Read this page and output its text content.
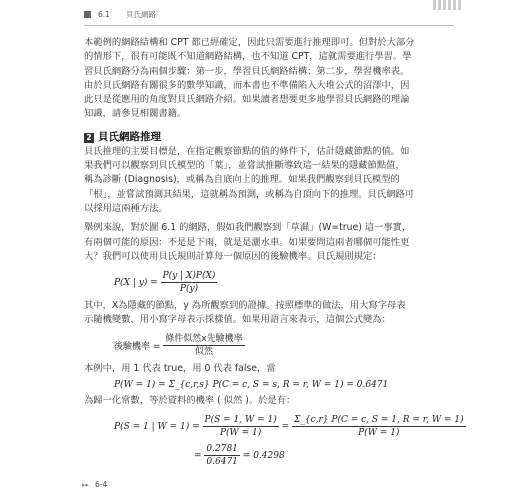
6.1 貝氏網路
本範例的網路結構和 CPT 都已經確定，因此只需要進行推理即可。但對於大部分
的情形下，很有可能既不知道網路結構，也不知道 CPT，這就需要進行學習。學
習貝氏網路分為兩個步驟：第一步，學習貝氏網路結構；第二步，學習機率表。
由於貝氏網路有關很多的數學知識，而本書也不準備陷入大堆公式的沼澤中，因
此只是從應用的角度對貝氏網路介紹。如果讀者想要更多地學習貝氏網路的理論
知識，請參見相關書籍。
2 貝氏網路推理
貝氏推理的主要目標是，在指定觀察節點的值的條件下，估計隱藏節點的值。如
果我們可以觀察到貝氏模型的「葉」，並嘗試推斷導致這一結果的隱藏節點值，
稱為診斷 (Diagnosis)，或稱為自底向上的推理。如果我們觀察到貝氏模型的
「根」，並嘗試預測其結果，這就稱為預測，或稱為自頂向下的推理。貝氏網路可
以採用這兩種方法。
舉例來說，對於圖 6.1 的網路，假如我們觀察到「草濕」(W=true) 這一事實，
有兩個可能的原因：不是是下雨，就是是灑水車。如果要問這兩者哪個可能性更
大？我們可以使用貝氏規則計算每一個原因的後驗機率。貝氏規則規定：
P(X | $y) = \frac{P(y | X)P(X)}{P(y)}$
其中，X為隱藏的節點，y 為所觀察到的證據。按照標準的做法，用大寫字母表
示隨機變數，用小寫字母表示採樣值。如果用語言來表示，這個公式變為：
後驗機率 = $\frac{\text{條件似然x先驗機率}}{\text{似然}}$
本例中，用 1 代表 true，用 0 代表 false，當
P(W = 1) = Σ_{c,r,s} P(C = c, S = s, R = r, W = 1) = 0.6471
為歸一化常數，等於資料的機率 ( 似然 )。於是有：
P(S = 1 | $W = 1) = \frac{P(S = 1, W = 1)}{P(W = 1)} = \frac{\Sigma\_\{c,r\} P(C = c, S = 1, R = r, W = 1)}{P(W = 1)}$
= $\frac{0.2781}{0.6471} = 0.4298$
▸▸ 6-4
